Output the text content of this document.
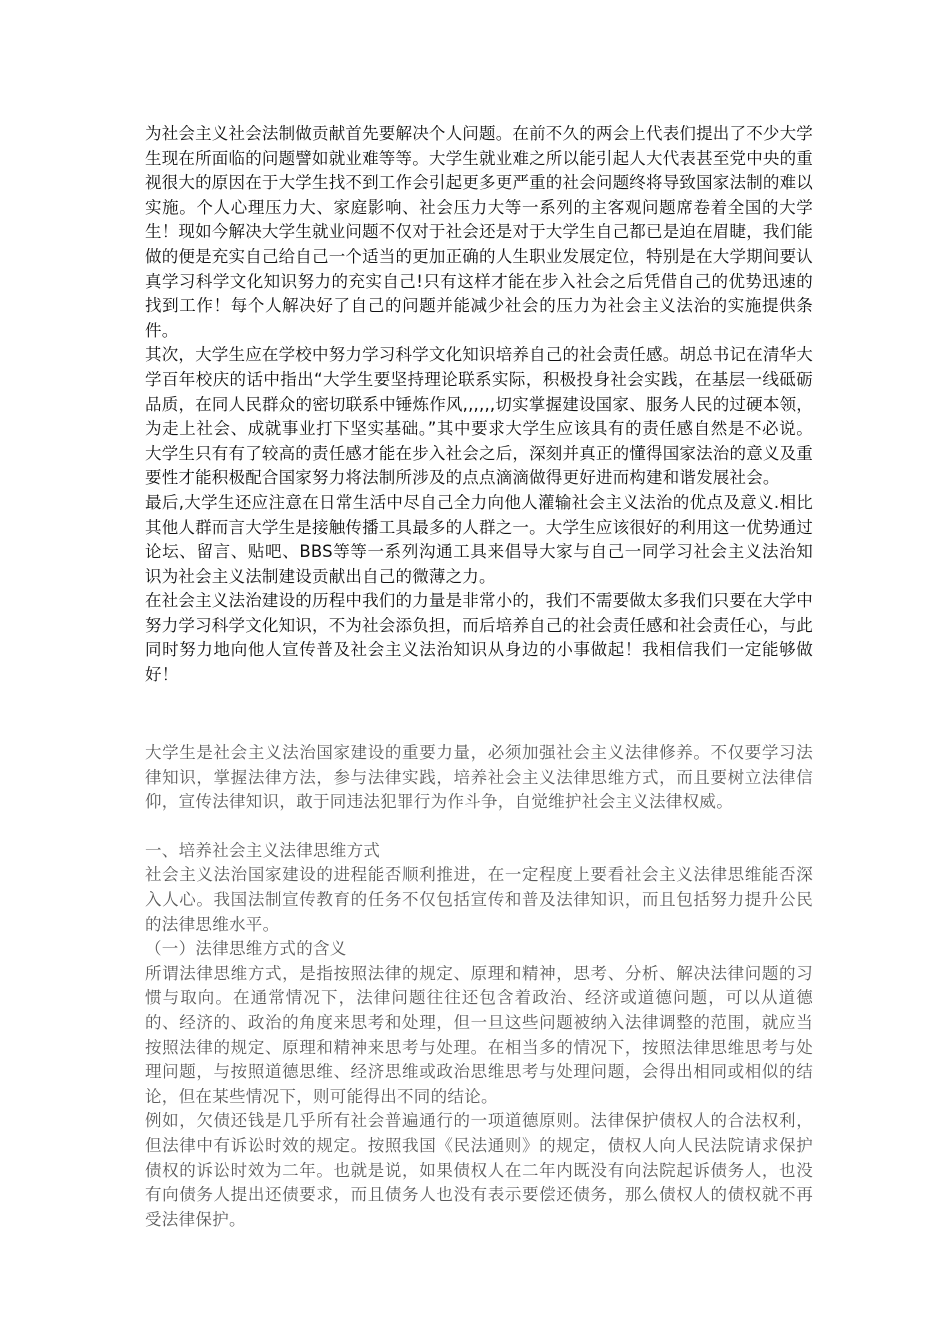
为社会主义社会法制做贡献首先要解决个人问题。在前不久的两会上代表们提出了不少大学生现在所面临的问题譬如就业难等等。大学生就业难之所以能引起人大代表甚至党中央的重视很大的原因在于大学生找不到工作会引起更多更严重的社会问题终将导致国家法制的难以实施。个人心理压力大、家庭影响、社会压力大等一系列的主客观问题席卷着全国的大学生！现如今解决大学生就业问题不仅对于社会还是对于大学生自己都已是迫在眉睫，我们能做的便是充实自己给自己一个适当的更加正确的人生职业发展定位，特别是在大学期间要认真学习科学文化知识努力的充实自己!只有这样才能在步入社会之后凭借自己的优势迅速的找到工作！每个人解决好了自己的问题并能减少社会的压力为社会主义法治的实施提供条件。

其次，大学生应在学校中努力学习科学文化知识培养自己的社会责任感。胡总书记在清华大学百年校庆的话中指出“大学生要坚持理论联系实际，积极投身社会实践，在基层一线砥砺品质，在同人民群众的密切联系中锤炼作风,,,,,,切实掌握建设国家、服务人民的过硬本领，为走上社会、成就事业打下坚实基础。”其中要求大学生应该具有的责任感自然是不必说。大学生只有有了较高的责任感才能在步入社会之后，深刻并真正的懂得国家法治的意义及重要性才能积极配合国家努力将法制所涉及的点点滴滴做得更好进而构建和谐发展社会。

最后,大学生还应注意在日常生活中尽自己全力向他人灌输社会主义法治的优点及意义.相比其他人群而言大学生是接触传播工具最多的人群之一。大学生应该很好的利用这一优势通过论坛、留言、贴吧、BBS等等一系列沟通工具来倡导大家与自己一同学习社会主义法治知识为社会主义法制建设贡献出自己的微薄之力。

在社会主义法治建设的历程中我们的力量是非常小的，我们不需要做太多我们只要在大学中努力学习科学文化知识，不为社会添负担，而后培养自己的社会责任感和社会责任心，与此同时努力地向他人宣传普及社会主义法治知识从身边的小事做起！我相信我们一定能够做好！

大学生是社会主义法治国家建设的重要力量，必须加强社会主义法律修养。不仅要学习法律知识，掌握法律方法，参与法律实践，培养社会主义法律思维方式，而且要树立法律信仰，宣传法律知识，敢于同违法犯罪行为作斗争，自觉维护社会主义法律权威。

一、培养社会主义法律思维方式

社会主义法治国家建设的进程能否顺利推进，在一定程度上要看社会主义法律思维能否深入人心。我国法制宣传教育的任务不仅包括宣传和普及法律知识，而且包括努力提升公民的法律思维水平。

（一）法律思维方式的含义

所谓法律思维方式，是指按照法律的规定、原理和精神，思考、分析、解决法律问题的习惯与取向。在通常情况下，法律问题往往还包含着政治、经济或道德问题，可以从道德的、经济的、政治的角度来思考和处理，但一旦这些问题被纳入法律调整的范围，就应当按照法律的规定、原理和精神来思考与处理。在相当多的情况下，按照法律思维思考与处理问题，与按照道德思维、经济思维或政治思维思考与处理问题，会得出相同或相似的结论，但在某些情况下，则可能得出不同的结论。

例如，欠债还钱是几乎所有社会普遍通行的一项道德原则。法律保护债权人的合法权利，但法律中有诉讼时效的规定。按照我国《民法通则》的规定，债权人向人民法院请求保护债权的诉讼时效为二年。也就是说，如果债权人在二年内既没有向法院起诉债务人，也没有向债务人提出还债要求，而且债务人也没有表示要偿还债务，那么债权人的债权就不再受法律保护。
